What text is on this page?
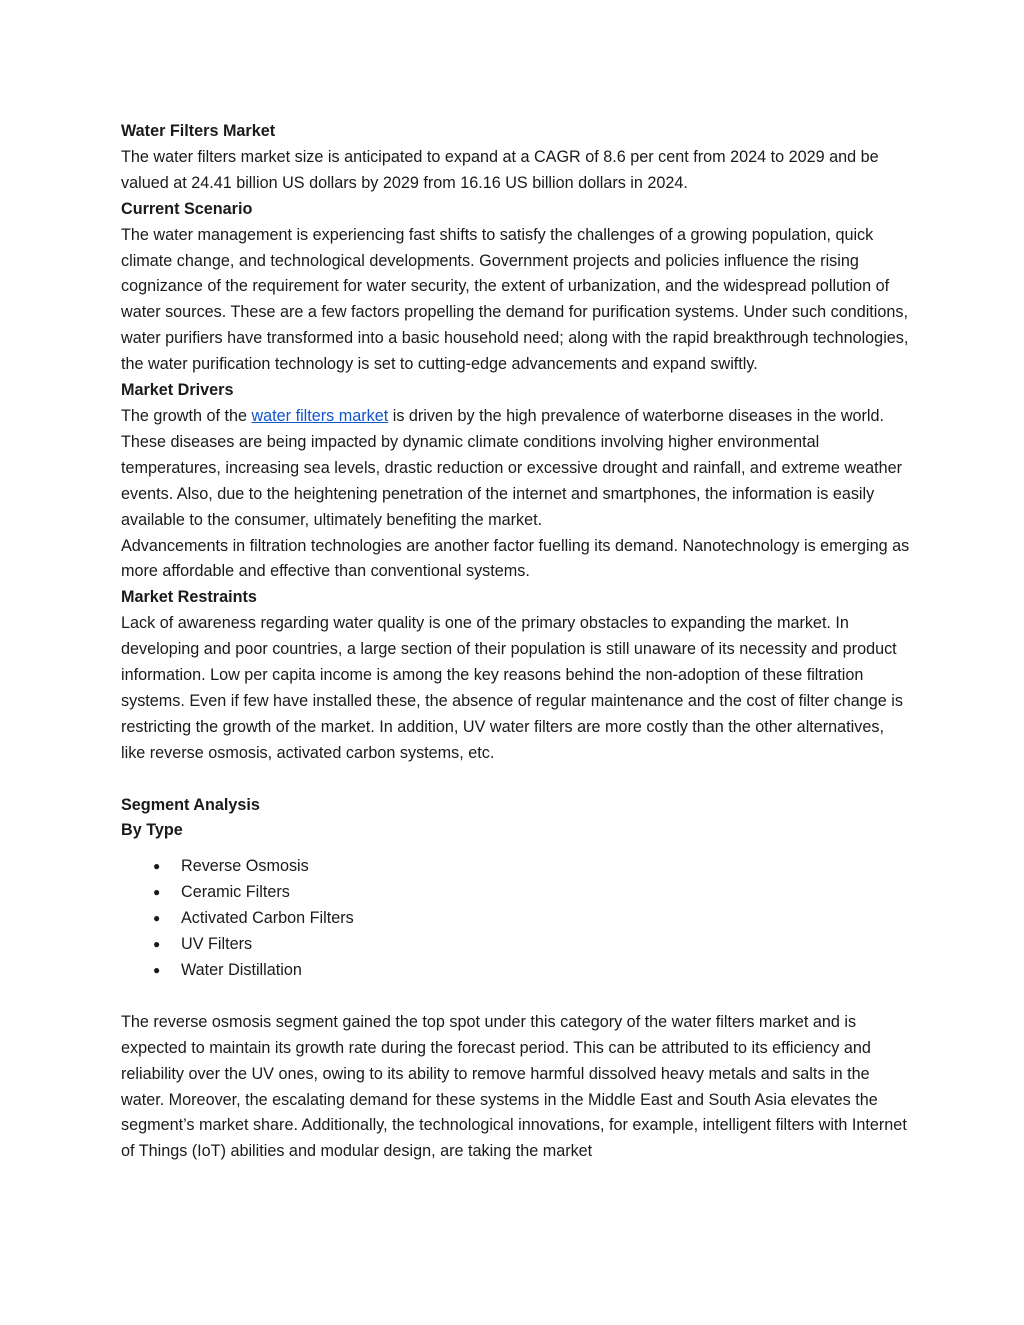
Water Filters Market

The water filters market size is anticipated to expand at a CAGR of 8.6 per cent from 2024 to 2029 and be valued at 24.41 billion US dollars by 2029 from 16.16 US billion dollars in 2024.

Current Scenario

The water management is experiencing fast shifts to satisfy the challenges of a growing population, quick climate change, and technological developments. Government projects and policies influence the rising cognizance of the requirement for water security, the extent of urbanization, and the widespread pollution of water sources. These are a few factors propelling the demand for purification systems. Under such conditions, water purifiers have transformed into a basic household need; along with the rapid breakthrough technologies, the water purification technology is set to cutting-edge advancements and expand swiftly.

Market Drivers

The growth of the water filters market is driven by the high prevalence of waterborne diseases in the world. These diseases are being impacted by dynamic climate conditions involving higher environmental temperatures, increasing sea levels, drastic reduction or excessive drought and rainfall, and extreme weather events. Also, due to the heightening penetration of the internet and smartphones, the information is easily available to the consumer, ultimately benefiting the market.

Advancements in filtration technologies are another factor fuelling its demand. Nanotechnology is emerging as more affordable and effective than conventional systems.

Market Restraints

Lack of awareness regarding water quality is one of the primary obstacles to expanding the market. In developing and poor countries, a large section of their population is still unaware of its necessity and product information. Low per capita income is among the key reasons behind the non-adoption of these filtration systems. Even if few have installed these, the absence of regular maintenance and the cost of filter change is restricting the growth of the market. In addition, UV water filters are more costly than the other alternatives, like reverse osmosis, activated carbon systems, etc.

Segment Analysis

By Type

● Reverse Osmosis
● Ceramic Filters
● Activated Carbon Filters
● UV Filters
● Water Distillation

The reverse osmosis segment gained the top spot under this category of the water filters market and is expected to maintain its growth rate during the forecast period. This can be attributed to its efficiency and reliability over the UV ones, owing to its ability to remove harmful dissolved heavy metals and salts in the water. Moreover, the escalating demand for these systems in the Middle East and South Asia elevates the segment’s market share. Additionally, the technological innovations, for example, intelligent filters with Internet of Things (IoT) abilities and modular design, are taking the market
